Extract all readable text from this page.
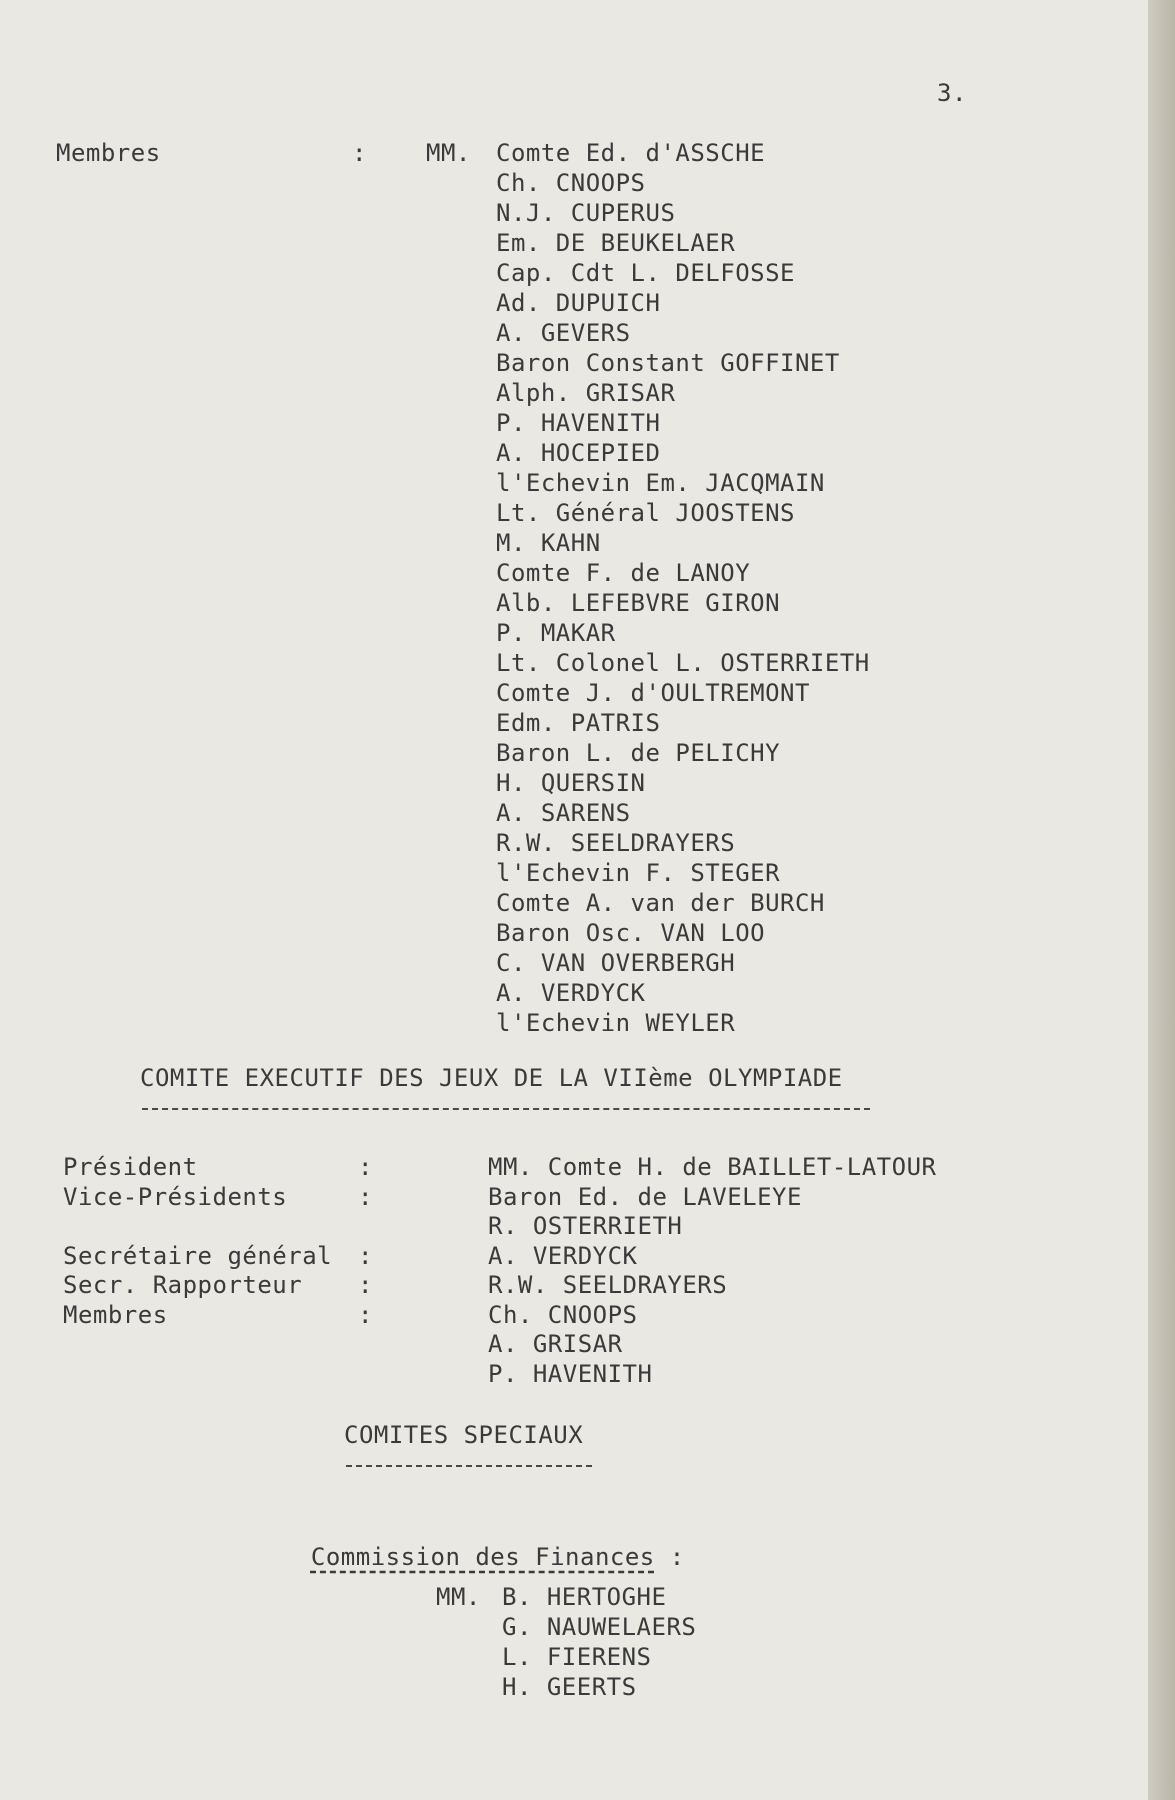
3.
Membres	: MM. Comte Ed. d'ASSCHE
Ch. CNOOPS
N.J. CUPERUS
Em. DE BEUKELAER
Cap. Cdt L. DELFOSSE
Ad. DUPUICH
A. GEVERS
Baron Constant GOFFINET
Alph. GRISAR
P. HAVENITH
A. HOCEPIED
l'Echevin Em. JACQMAIN
Lt. Général JOOSTENS
M. KAHN
Comte F. de LANOY
Alb. LEFEBVRE GIRON
P. MAKAR
Lt. Colonel L. OSTERRIETH
Comte J. d'OULTREMONT
Edm. PATRIS
Baron L. de PELICHY
H. QUERSIN
A. SARENS
R.W. SEELDRAYERS
l'Echevin F. STEGER
Comte A. van der BURCH
Baron Osc. VAN LOO
C. VAN OVERBERGH
A. VERDYCK
l'Echevin WEYLER
COMITE EXECUTIF DES JEUX DE LA VIIème OLYMPIADE
Président
Vice-Présidents

Secrétaire général
Secr. Rapporteur
Membres

:
:

:
:
:

MM. Comte H. de BAILLET-LATOUR
Baron Ed. de LAVELEYE
R. OSTERRIETH
A. VERDYCK
R.W. SEELDRAYERS
Ch. CNOOPS
A. GRISAR
P. HAVENITH
COMITES SPECIAUX

Commission des Finances :

MM. B. HERTOGHE
G. NAUWELAERS
L. FIERENS
H. GEERTS
